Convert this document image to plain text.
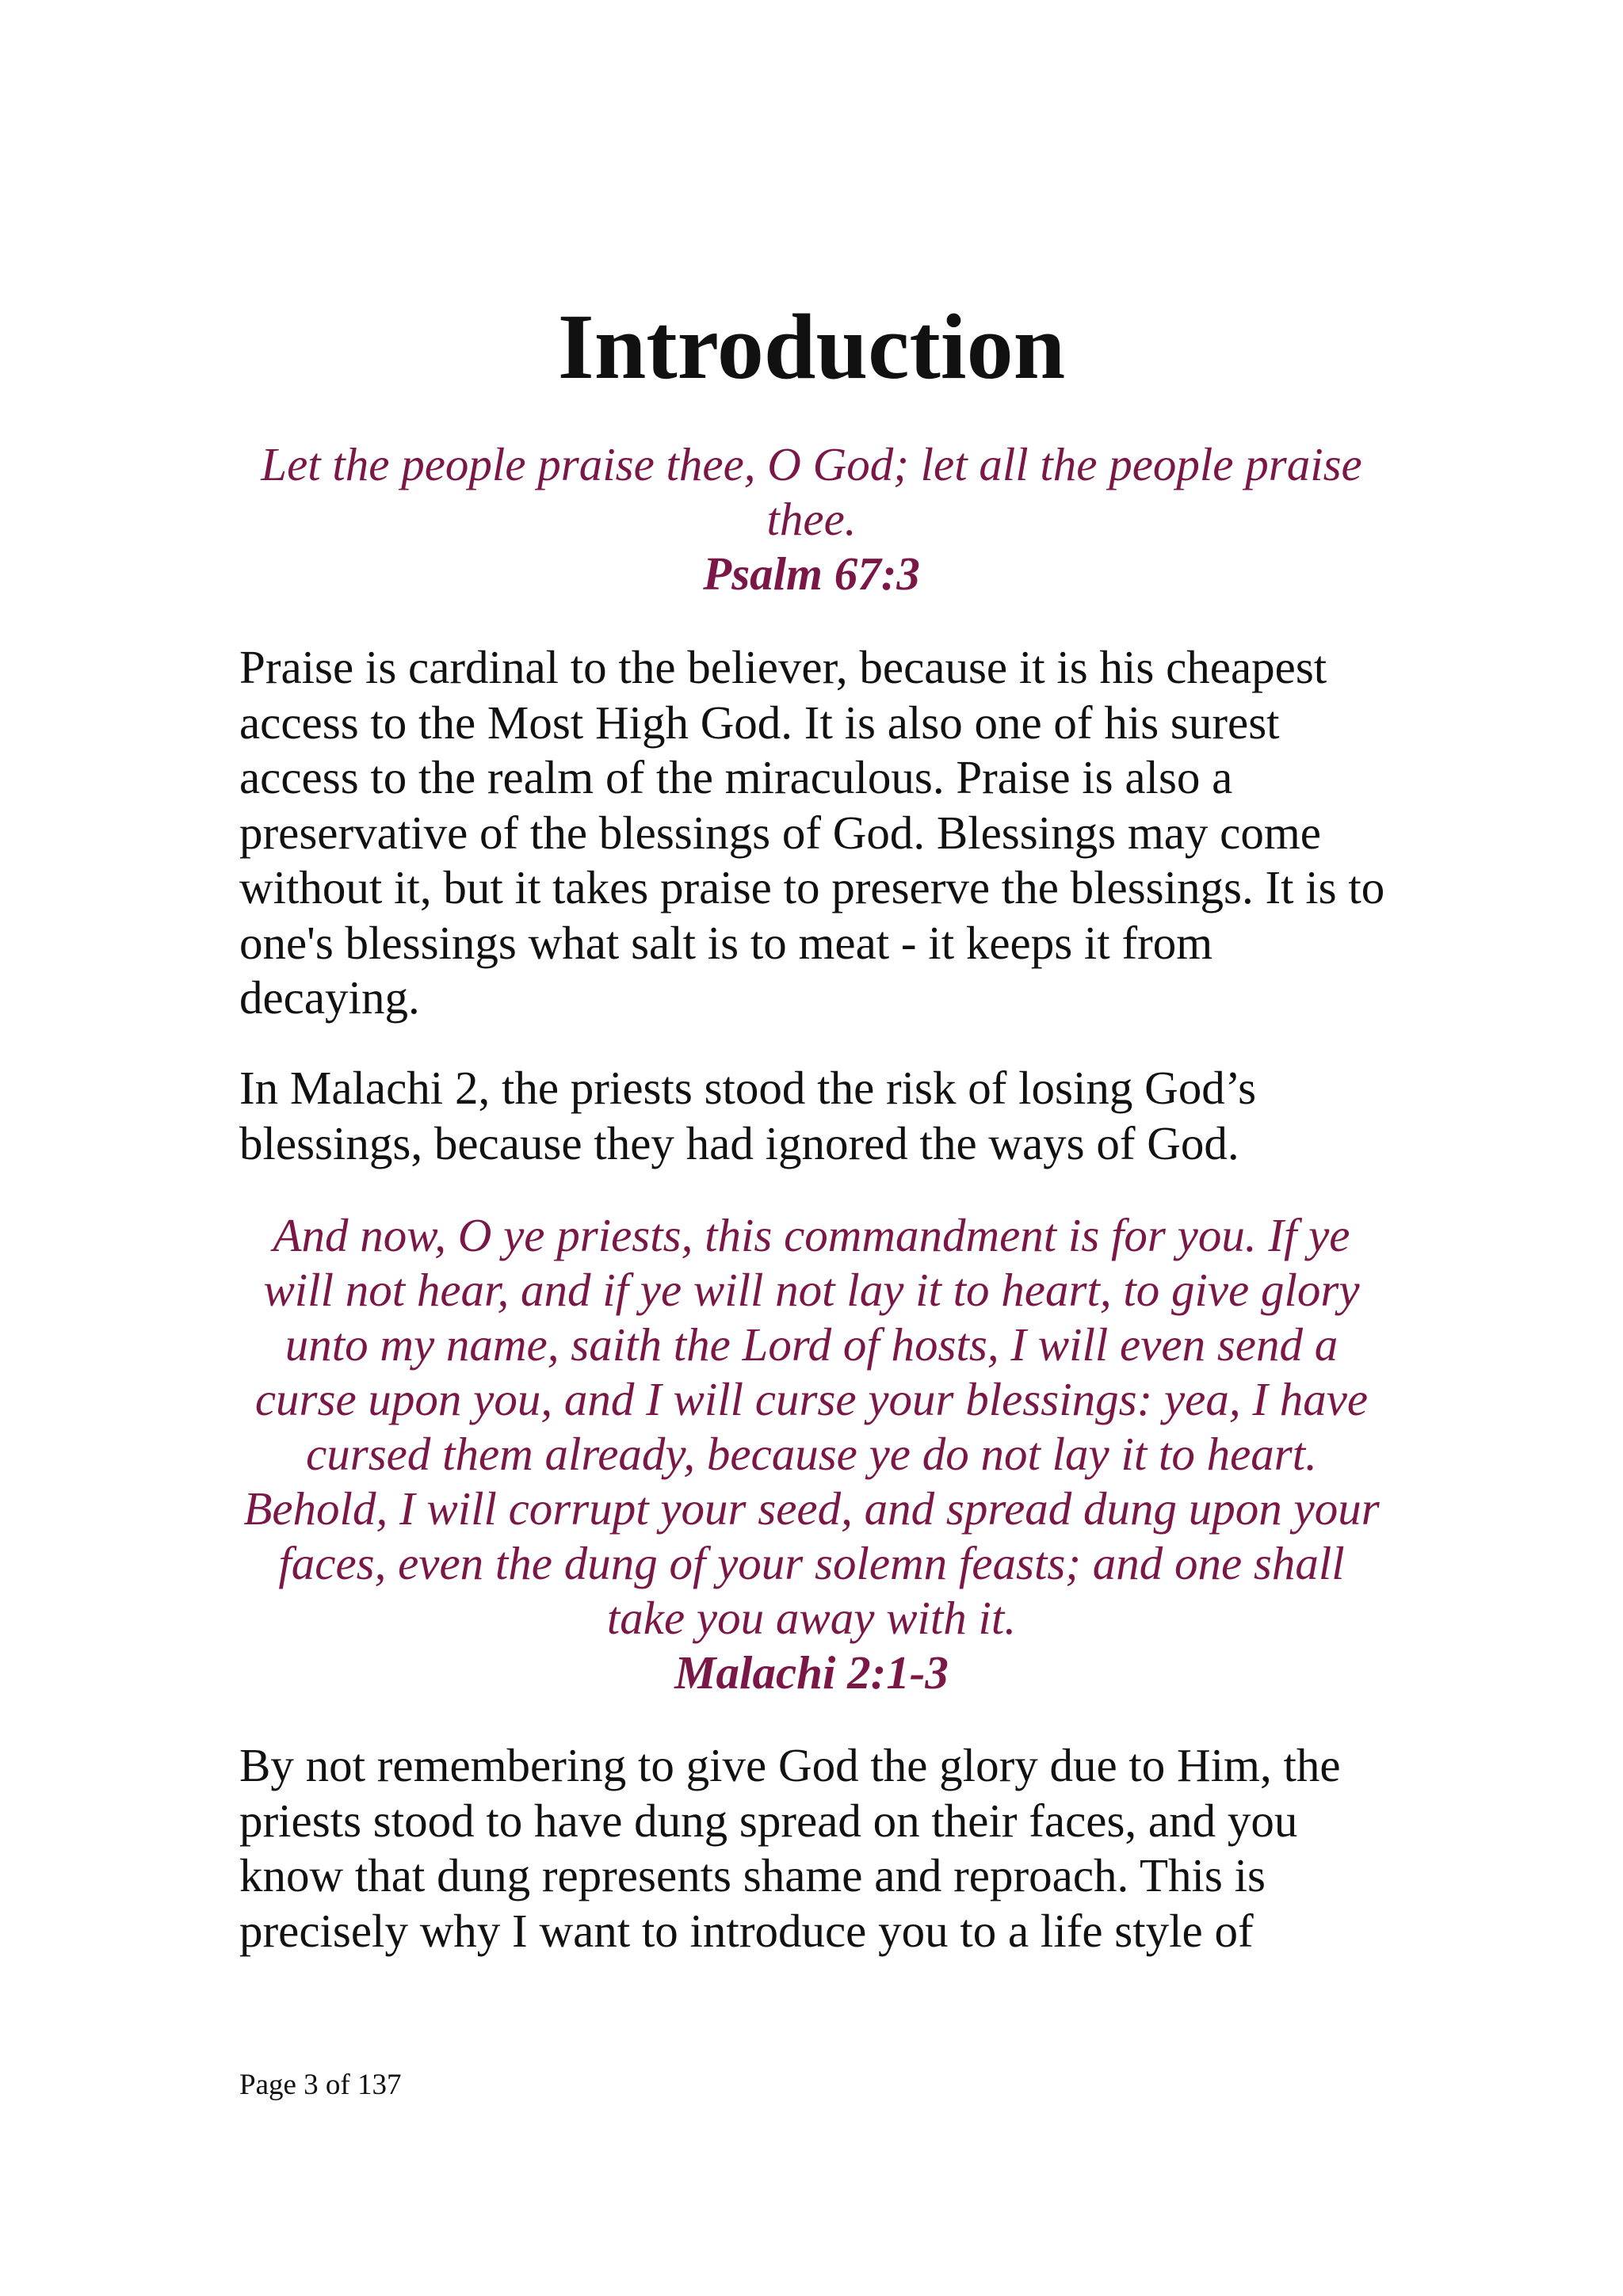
Introduction

Let the people praise thee, O God; let all the people praise thee.
Psalm 67:3

Praise is cardinal to the believer, because it is his cheapest access to the Most High God. It is also one of his surest access to the realm of the miraculous. Praise is also a preservative of the blessings of God. Blessings may come without it, but it takes praise to preserve the blessings. It is to one's blessings what salt is to meat - it keeps it from decaying.

In Malachi 2, the priests stood the risk of losing God’s blessings, because they had ignored the ways of God.

And now, O ye priests, this commandment is for you. If ye will not hear, and if ye will not lay it to heart, to give glory unto my name, saith the Lord of hosts, I will even send a curse upon you, and I will curse your blessings: yea, I have cursed them already, because ye do not lay it to heart. Behold, I will corrupt your seed, and spread dung upon your faces, even the dung of your solemn feasts; and one shall take you away with it.
Malachi 2:1-3

By not remembering to give God the glory due to Him, the priests stood to have dung spread on their faces, and you know that dung represents shame and reproach. This is precisely why I want to introduce you to a life style of

Page 3 of 137
